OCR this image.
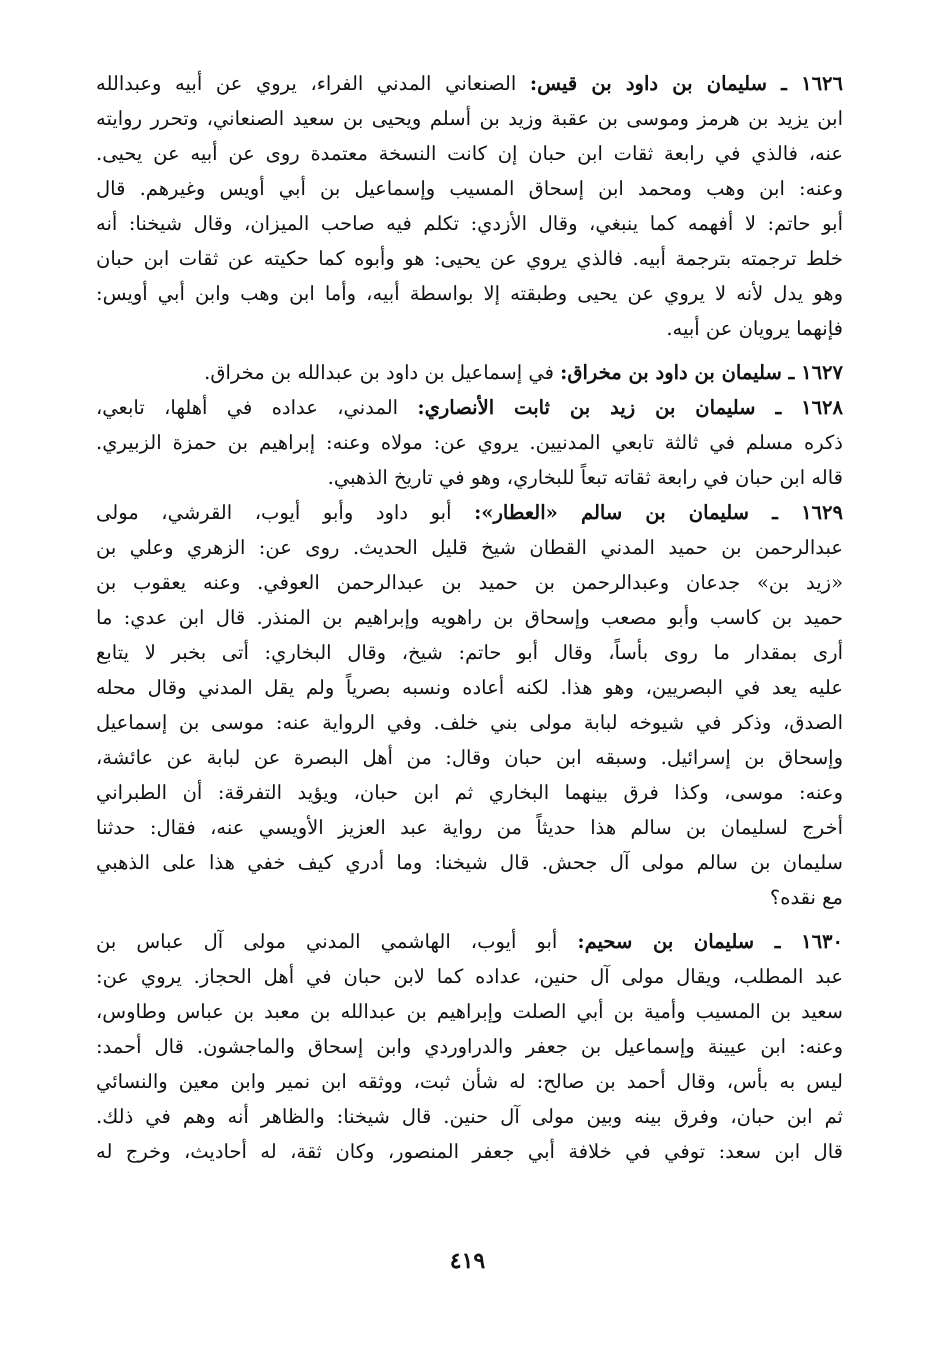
١٦٢٦ ـ سليمان بن داود بن قيس: الصنعاني المدني الفراء، يروي عن أبيه وعبدالله
ابن يزيد بن هرمز وموسى بن عقبة وزيد بن أسلم ويحيى بن سعيد الصنعاني، وتحرر روايته
عنه، فالذي في رابعة ثقات ابن حبان إن كانت النسخة معتمدة روى عن أبيه عن يحيى.
وعنه: ابن وهب ومحمد ابن إسحاق المسيب وإسماعيل بن أبي أويس وغيرهم. قال
أبو حاتم: لا أفهمه كما ينبغي، وقال الأزدي: تكلم فيه صاحب الميزان، وقال شيخنا: أنه
خلط ترجمته بترجمة أبيه. فالذي يروي عن يحيى: هو وأبوه كما حكيته عن ثقات ابن حبان
وهو يدل لأنه لا يروي عن يحيى وطبقته إلا بواسطة أبيه، وأما ابن وهب وابن أبي أويس:
فإنهما يرويان عن أبيه.
١٦٢٧ ـ سليمان بن داود بن مخراق: في إسماعيل بن داود بن عبدالله بن مخراق.
١٦٢٨ ـ سليمان بن زيد بن ثابت الأنصاري: المدني، عداده في أهلها، تابعي،
ذكره مسلم في ثالثة تابعي المدنيين. يروي عن: مولاه وعنه: إبراهيم بن حمزة الزبيري.
قاله ابن حبان في رابعة ثقاته تبعاً للبخاري، وهو في تاريخ الذهبي.
١٦٢٩ ـ سليمان بن سالم «العطار»: أبو داود وأبو أيوب، القرشي، مولى
عبدالرحمن بن حميد المدني القطان شيخ قليل الحديث. روى عن: الزهري وعلي بن
«زيد بن» جدعان وعبدالرحمن بن حميد بن عبدالرحمن العوفي. وعنه يعقوب بن
حميد بن كاسب وأبو مصعب وإسحاق بن راهويه وإبراهيم بن المنذر. قال ابن عدي: ما
أرى بمقدار ما روى بأساً، وقال أبو حاتم: شيخ، وقال البخاري: أتى بخبر لا يتابع
عليه يعد في البصريين، وهو هذا. لكنه أعاده ونسبه بصرياً ولم يقل المدني وقال محله
الصدق، وذكر في شيوخه لبابة مولى بني خلف. وفي الرواية عنه: موسى بن إسماعيل
وإسحاق بن إسرائيل. وسبقه ابن حبان وقال: من أهل البصرة عن لبابة عن عائشة،
وعنه: موسى، وكذا فرق بينهما البخاري ثم ابن حبان، ويؤيد التفرقة: أن الطبراني
أخرج لسليمان بن سالم هذا حديثاً من رواية عبد العزيز الأويسي عنه، فقال: حدثنا
سليمان بن سالم مولى آل جحش. قال شيخنا: وما أدري كيف خفي هذا على الذهبي
مع نقده؟
١٦٣٠ ـ سليمان بن سحيم: أبو أيوب، الهاشمي المدني مولى آل عباس بن
عبد المطلب، ويقال مولى آل حنين، عداده كما لابن حبان في أهل الحجاز. يروي عن:
سعيد بن المسيب وأمية بن أبي الصلت وإبراهيم بن عبدالله بن معبد بن عباس وطاوس،
وعنه: ابن عيينة وإسماعيل بن جعفر والدراوردي وابن إسحاق والماجشون. قال أحمد:
ليس به بأس، وقال أحمد بن صالح: له شأن ثبت، ووثقه ابن نمير وابن معين والنسائي
ثم ابن حبان، وفرق بينه وبين مولى آل حنين. قال شيخنا: والظاهر أنه وهم في ذلك.
قال ابن سعد: توفي في خلافة أبي جعفر المنصور، وكان ثقة، له أحاديث، وخرج له
٤١٩
